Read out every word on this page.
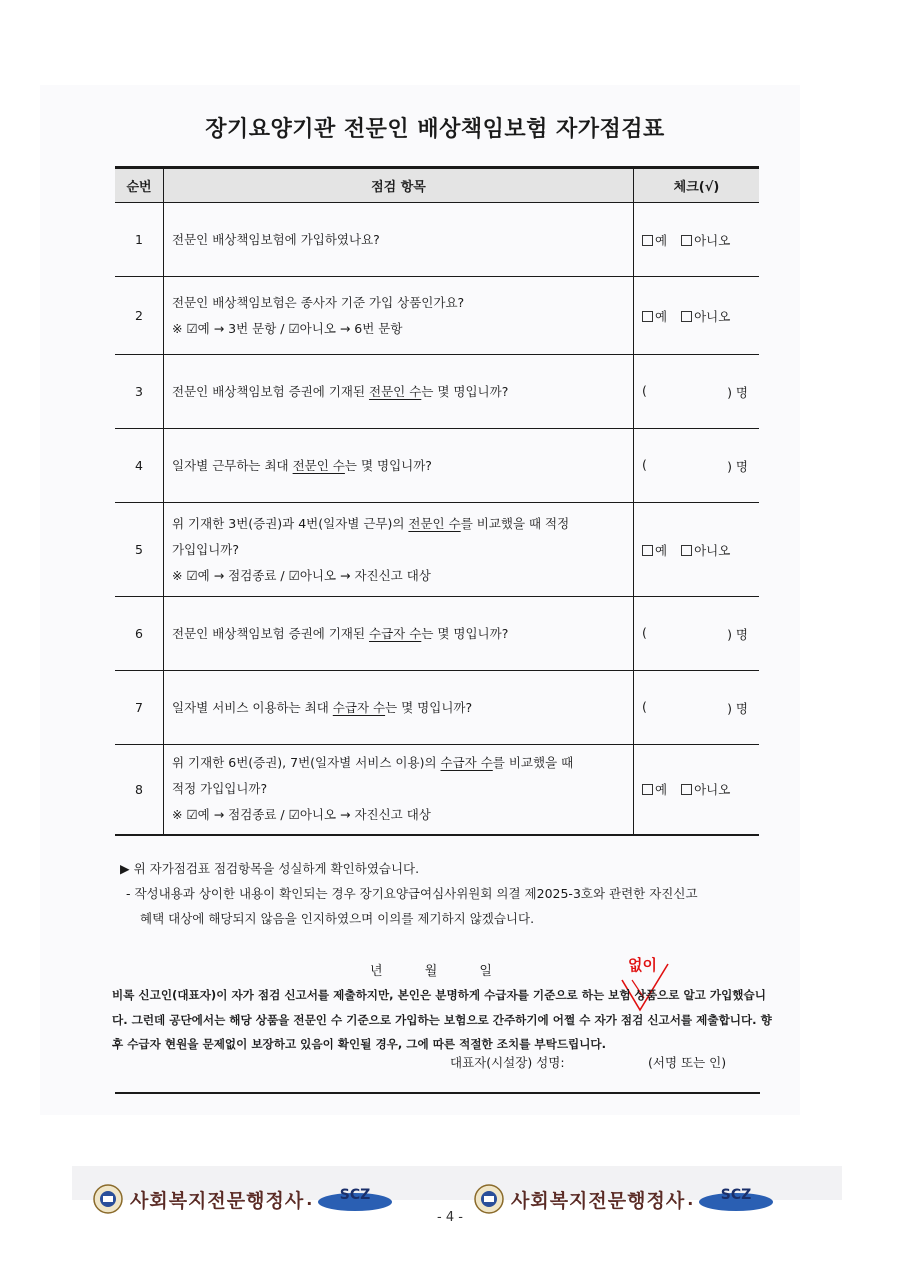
장기요양기관 전문인 배상책임보험 자가점검표
순번	점검 항목	체크(√)
1	전문인 배상책임보험에 가입하였나요?	예 아니오
2	전문인 배상책임보험은 종사자 기준 가입 상품인가요?
※ ☑예 → 3번 문항 / ☑아니오 → 6번 문항	예 아니오
3	전문인 배상책임보험 증권에 기재된 전문인 수는 몇 명입니까?	( ) 명

4	일자별 근무하는 최대 전문인 수는 몇 명입니까?	( ) 명

5	위 기재한 3번(증권)과 4번(일자별 근무)의 전문인 수를 비교했을 때 적정
가입입니까?
※ ☑예 → 점검종료 / ☑아니오 → 자진신고 대상	예 아니오
6	전문인 배상책임보험 증권에 기재된 수급자 수는 몇 명입니까?	( ) 명

7	일자별 서비스 이용하는 최대 수급자 수는 몇 명입니까?	( ) 명

8	위 기재한 6번(증권), 7번(일자별 서비스 이용)의 수급자 수를 비교했을 때
적정 가입입니까?
※ ☑예 → 점검종료 / ☑아니오 → 자진신고 대상	예 아니오
▶ 위 자가점검표 점검항목을 성실하게 확인하였습니다.
- 작성내용과 상이한 내용이 확인되는 경우 장기요양급여심사위원회 의결 제2025-3호와 관련한 자진신고
혜택 대상에 해당되지 않음을 인지하였으며 이의를 제기하지 않겠습니다.
년	월	일	없이
비록 신고인(대표자)이 자가 점검 신고서를 제출하지만, 본인은 분명하게 수급자를 기준으로 하는 보험 상품으로 알고 가입했습니다. 그런데 공단에서는 해당 상품을 전문인 수 기준으로 가입하는 보험으로 간주하기에 어쩔 수 자가 점검 신고서를 제출합니다. 향후 수급자 현원을 문제없이 보장하고 있음이 확인될 경우, 그에 따른 적절한 조치를 부탁드립니다.
대표자(시설장) 성명:	(서명 또는 인)
사회복지전문행정사 . SCZ	사회복지전문행정사 . SCZ
- 4 -
